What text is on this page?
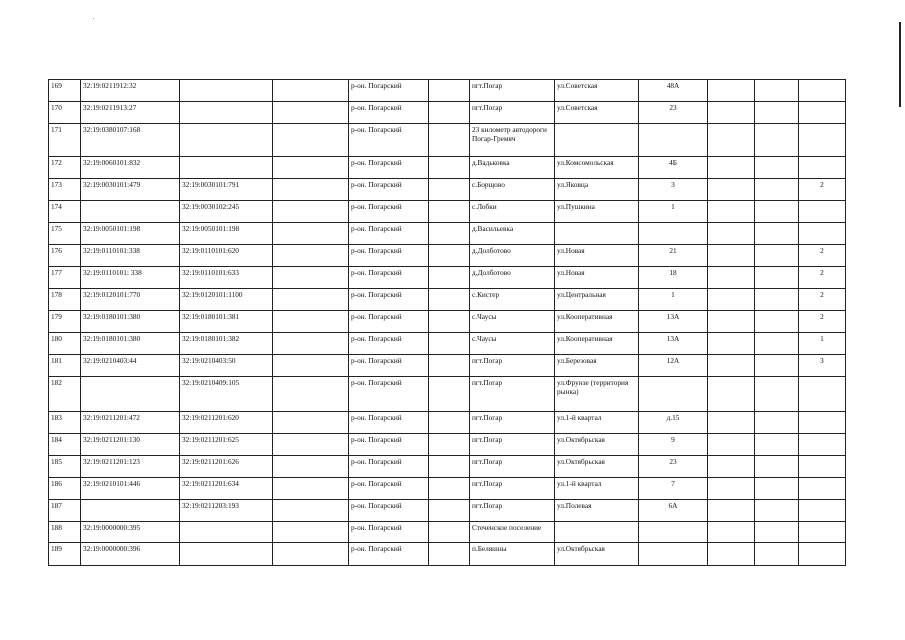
169	32:19:0211912:32			р-он. Погарский		пгт.Погар	ул.Советская	48А			
170	32:19:0211913:27			р-он. Погарский		пгт.Погар	ул.Советская	23			
171	32:19:0380107:168			р-он. Погарский		23 километр автодороги Погар-Гремяч					
172	32:19:0060101:832			р-он. Погарский		д.Вадьковка	ул.Комсомольская	4Б			
173	32:19:0030101:479	32:19:0030101:791		р-он. Погарский		с.Борщово	ул.Яковца	3			2
174		32:19:0030102:245		р-он. Погарский		с.Лобки	ул.Пушкина	1			
175	32:19:0050101:198	32:19:0050101:198		р-он. Погарский		д.Васильевка					
176	32:19:0110101:338	32:19:0110101:620		р-он. Погарский		д.Долботово	ул.Новая	21			2
177	32:19:0110101: 338	32:19:0110101:633		р-он. Погарский		д.Долботово	ул.Новая	18			2
178	32:19:0120101:770	32:19:0120101:1100		р-он. Погарский		с.Кистер	ул.Центральная	1			2
179	32:19:0180101:380	32:19:0180101:381		р-он. Погарский		с.Чаусы	ул.Кооперативная	13А			2
180	32:19:0180101:380	32:19:0180101:382		р-он. Погарский		с.Чаусы	ул.Кооперативная	13А			1
181	32:19:0210403:44	32:19:0210403:50		р-он. Погарский		пгт.Погар	ул.Березовая	12А			3
182		32:19:0210409:105		р-он. Погарский		пгт.Погар	ул.Фрунзе (территория рынка)				
183	32:19:0211201:472	32:19:0211201:620		р-он. Погарский		пгт.Погар	ул.1-й квартал	д.15			
184	32:19:0211201:130	32:19:0211201:625		р-он. Погарский		пгт.Погар	ул.Октябрьская	9			
185	32:19:0211201:123	32:19:0211201:626		р-он. Погарский		пгт.Погар	ул.Октябрьская	23			
186	32:19:0210101:446	32:19:0211201:634		р-он. Погарский		пгт.Погар	ул.1-й квартал	7			
187		32:19:0211203:193		р-он. Погарский		пгт.Погар	ул.Полевая	6А			
188	32:19:0000000:395			р-он. Погарский		Стеченское поселение					
189	32:19:0000000:396			р-он. Погарский		п.Беляшны	ул.Октябрьская				
